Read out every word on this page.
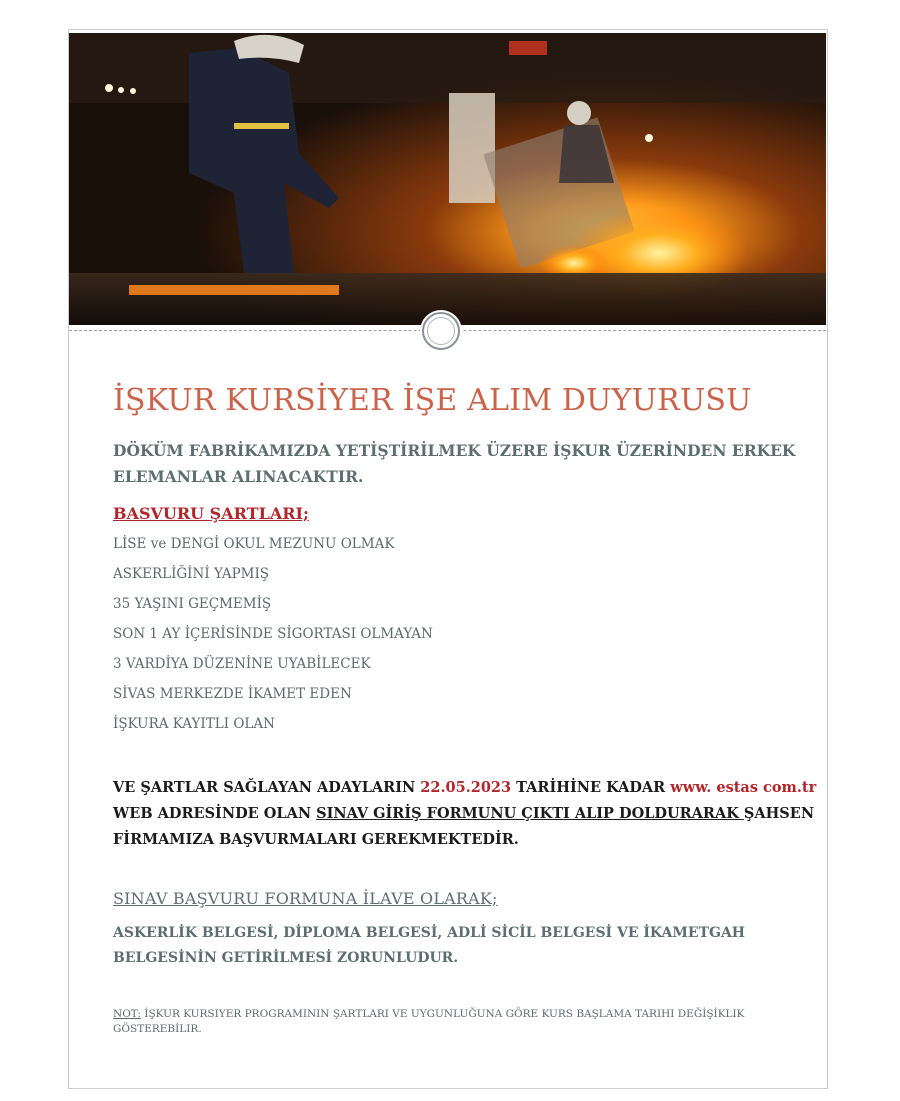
İŞKUR KURSİYER İŞE ALIM DUYURUSU
DÖKÜM FABRİKAMIZDA YETİŞTİRİLMEK ÜZERE İŞKUR ÜZERİNDEN ERKEK ELEMANLAR ALINACAKTIR.
BASVURU ŞARTLARI;
LİSE ve DENGİ OKUL MEZUNU OLMAK
ASKERLİĞİNİ YAPMIŞ
35 YAŞINI GEÇMEMİŞ
SON 1 AY İÇERİSİNDE SİGORTASI OLMAYAN
3 VARDİYA DÜZENİNE UYABİLECEK
SİVAS MERKEZDE İKAMET EDEN
İŞKURA KAYITLI OLAN
VE ŞARTLAR SAĞLAYAN ADAYLARIN 22.05.2023 TARİHİNE KADAR www. estas com.tr WEB ADRESİNDE OLAN SINAV GİRİŞ FORMUNU ÇIKTI ALIP DOLDURARAK ŞAHSEN FİRMAMIZA BAŞVURMALARI GEREKMEKTEDİR.
SINAV BAŞVURU FORMUNA İLAVE OLARAK;
ASKERLİK BELGESİ, DİPLOMA BELGESİ, ADLİ SİCİL BELGESİ VE İKAMETGAH BELGESİNİN GETİRİLMESİ ZORUNLUDUR.
NOT: İŞKUR KURSIYER PROGRAMININ ŞARTLARI VE UYGUNLUĞUNA GÖRE KURS BAŞLAMA TARIHI DEĞİŞİKLIK GÖSTEREBİLIR.
